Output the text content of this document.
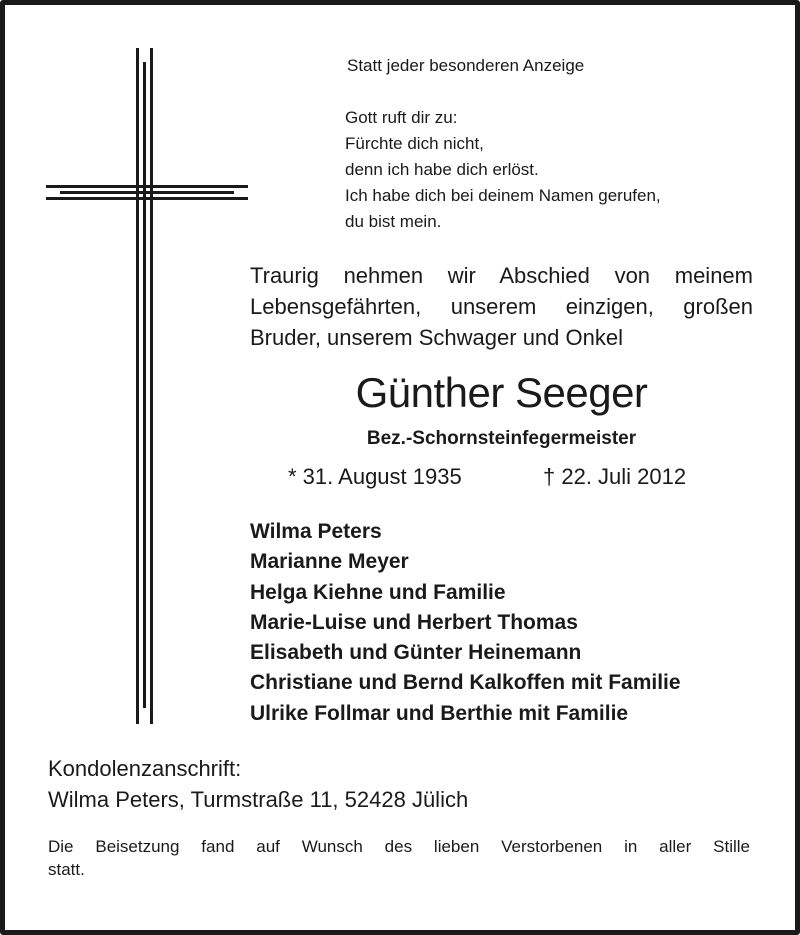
Statt jeder besonderen Anzeige
Gott ruft dir zu:
Fürchte dich nicht,
denn ich habe dich erlöst.
Ich habe dich bei deinem Namen gerufen,
du bist mein.
Traurig nehmen wir Abschied von meinem
Lebensgefährten, unserem einzigen, großen
Bruder, unserem Schwager und Onkel
Günther Seeger
Bez.-Schornsteinfegermeister
* 31. August 1935	† 22. Juli 2012
Wilma Peters
Marianne Meyer
Helga Kiehne und Familie
Marie-Luise und Herbert Thomas
Elisabeth und Günter Heinemann
Christiane und Bernd Kalkoffen mit Familie
Ulrike Follmar und Berthie mit Familie
Kondolenzanschrift:
Wilma Peters, Turmstraße 11, 52428 Jülich
Die Beisetzung fand auf Wunsch des lieben Verstorbenen in aller Stille
statt.
